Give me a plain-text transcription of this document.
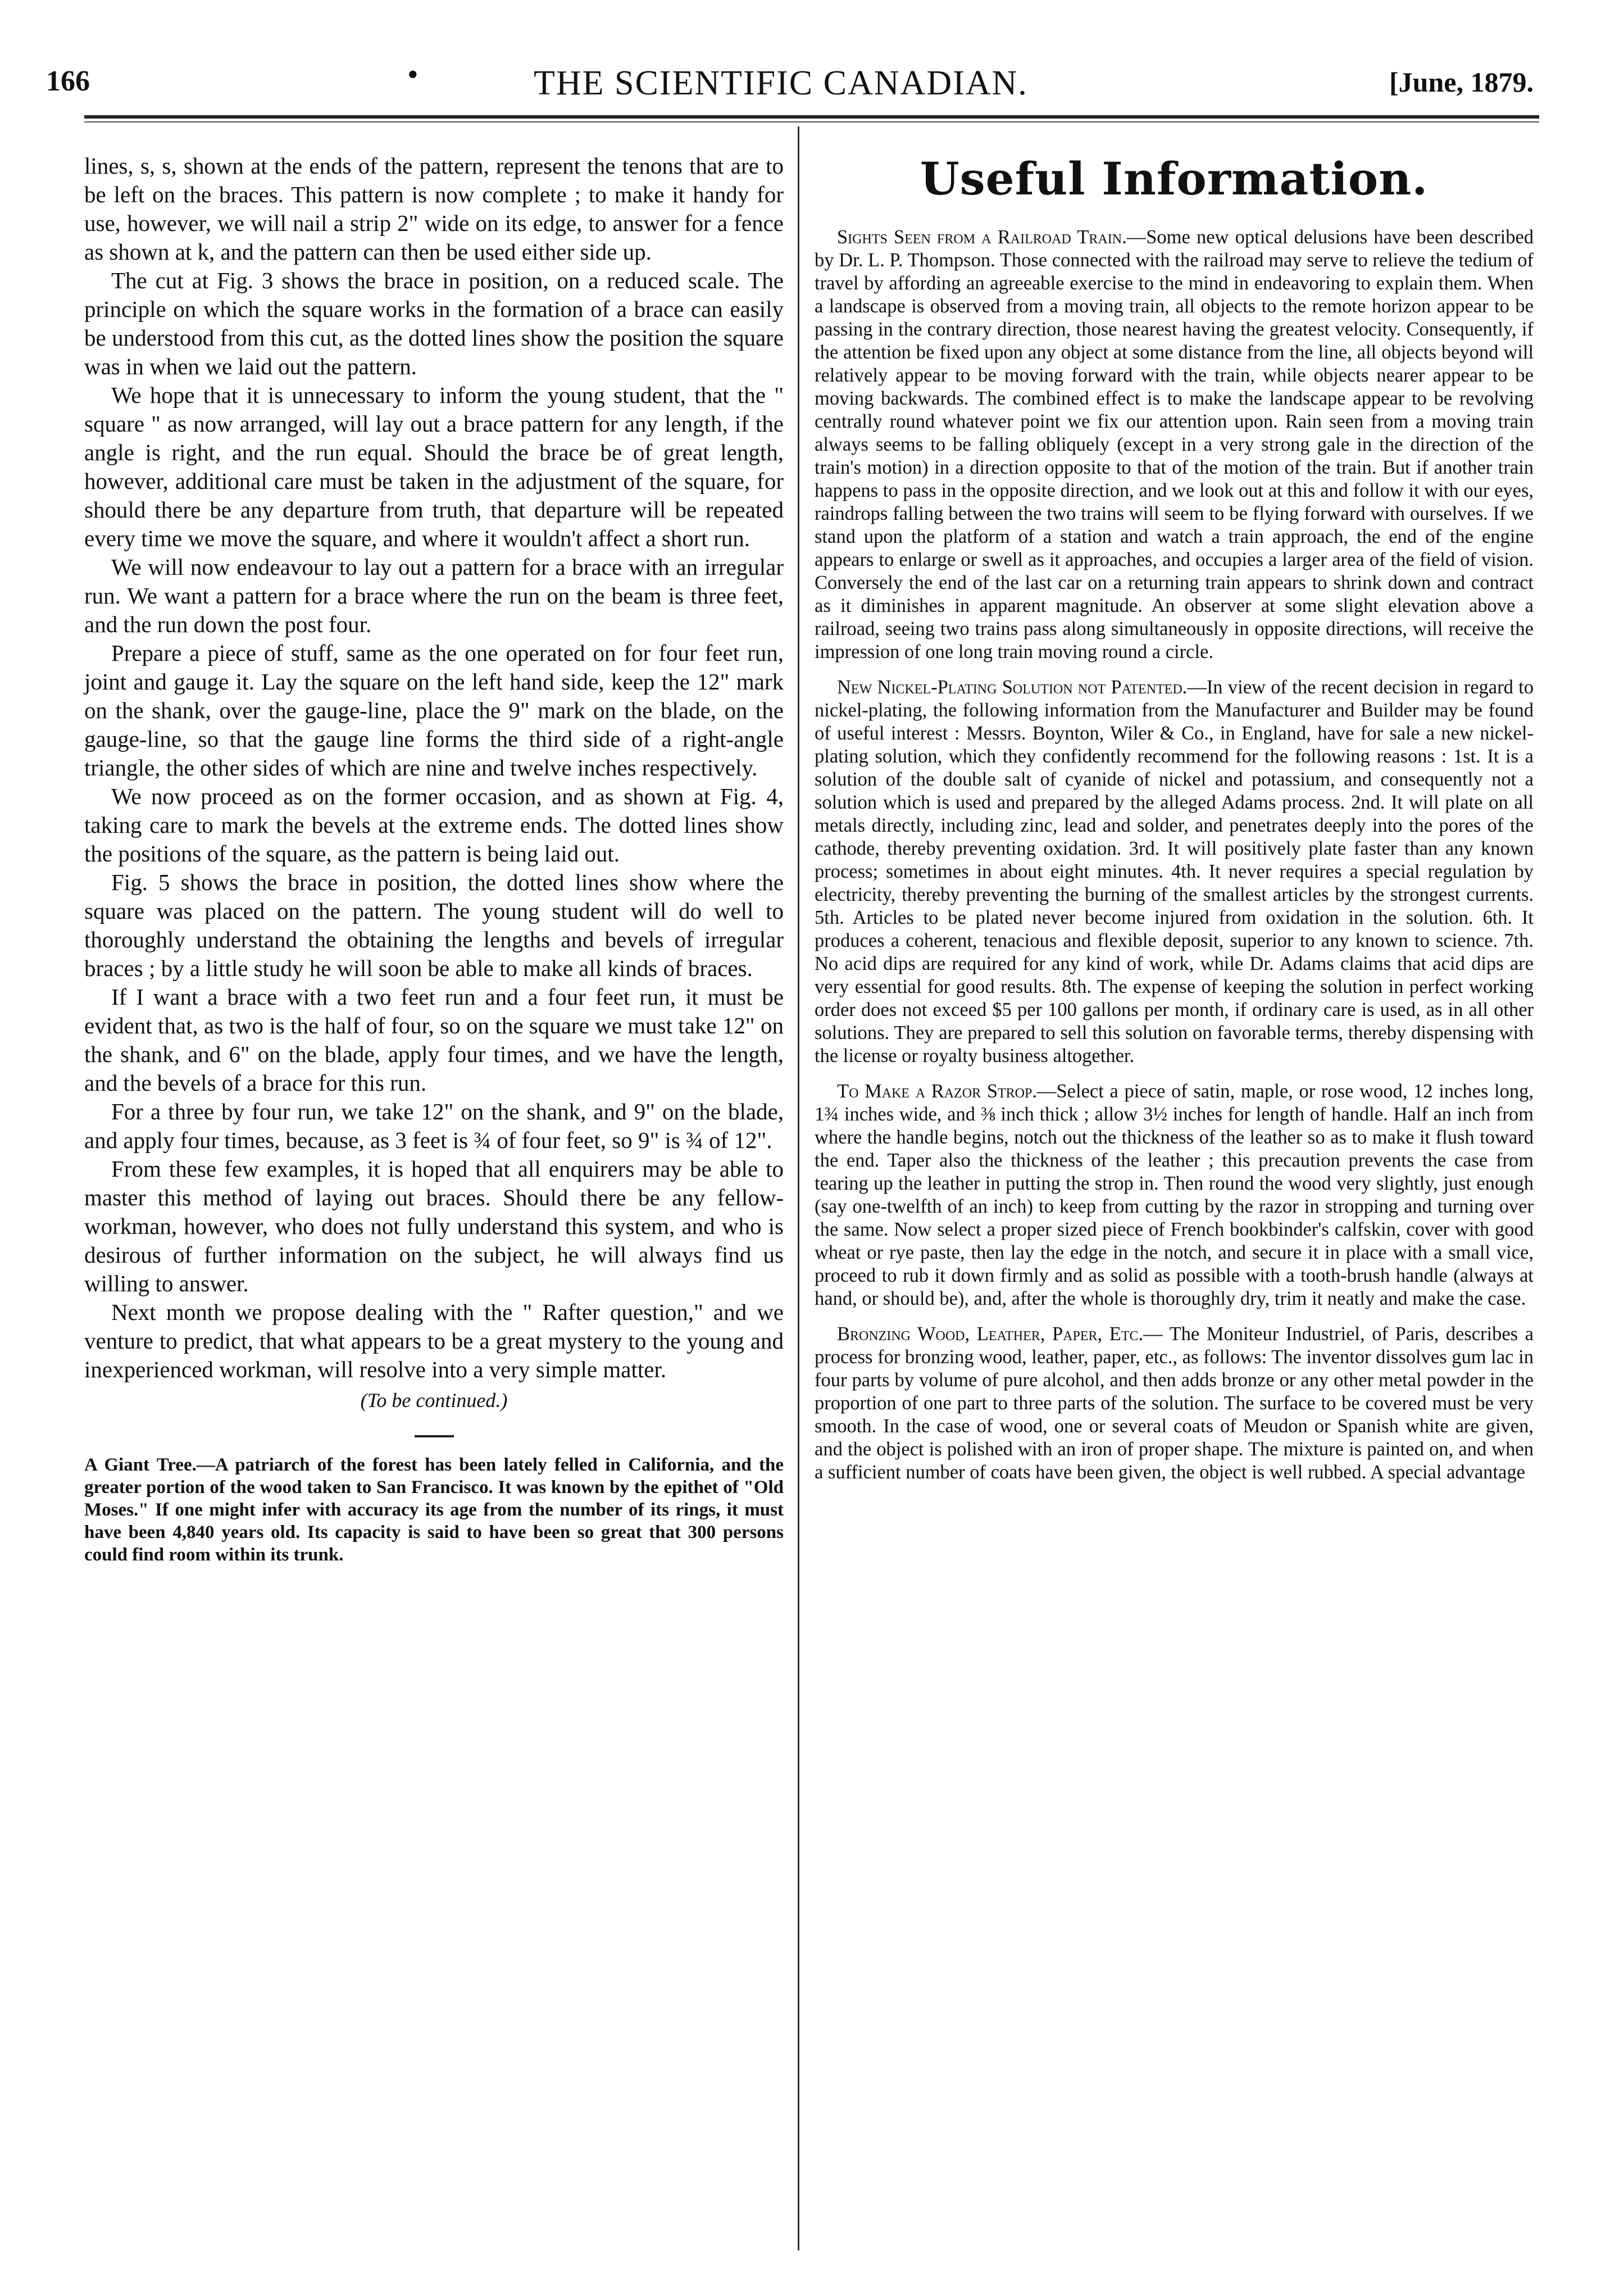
166	•	THE SCIENTIFIC CANADIAN.	[June, 1879.

lines, s, s, shown at the ends of the pattern, represent the tenons that are to be left on the braces. This pattern is now complete ; to make it handy for use, however, we will nail a strip 2" wide on its edge, to answer for a fence as shown at k, and the pattern can then be used either side up.

The cut at Fig. 3 shows the brace in position, on a reduced scale. The principle on which the square works in the formation of a brace can easily be understood from this cut, as the dotted lines show the position the square was in when we laid out the pattern.

We hope that it is unnecessary to inform the young student, that the " square " as now arranged, will lay out a brace pattern for any length, if the angle is right, and the run equal. Should the brace be of great length, however, additional care must be taken in the adjustment of the square, for should there be any departure from truth, that departure will be repeated every time we move the square, and where it wouldn't affect a short run.

We will now endeavour to lay out a pattern for a brace with an irregular run. We want a pattern for a brace where the run on the beam is three feet, and the run down the post four.

Prepare a piece of stuff, same as the one operated on for four feet run, joint and gauge it. Lay the square on the left hand side, keep the 12" mark on the shank, over the gauge-line, place the 9" mark on the blade, on the gauge-line, so that the gauge line forms the third side of a right-angle triangle, the other sides of which are nine and twelve inches respectively.

We now proceed as on the former occasion, and as shown at Fig. 4, taking care to mark the bevels at the extreme ends. The dotted lines show the positions of the square, as the pattern is being laid out.

Fig. 5 shows the brace in position, the dotted lines show where the square was placed on the pattern. The young student will do well to thoroughly understand the obtaining the lengths and bevels of irregular braces ; by a little study he will soon be able to make all kinds of braces.

If I want a brace with a two feet run and a four feet run, it must be evident that, as two is the half of four, so on the square we must take 12" on the shank, and 6" on the blade, apply four times, and we have the length, and the bevels of a brace for this run.

For a three by four run, we take 12" on the shank, and 9" on the blade, and apply four times, because, as 3 feet is ¾ of four feet, so 9" is ¾ of 12".

From these few examples, it is hoped that all enquirers may be able to master this method of laying out braces. Should there be any fellow-workman, however, who does not fully understand this system, and who is desirous of further information on the subject, he will always find us willing to answer.

Next month we propose dealing with the " Rafter question," and we venture to predict, that what appears to be a great mystery to the young and inexperienced workman, will resolve into a very simple matter.

(To be continued.)
A Giant Tree.—A patriarch of the forest has been lately felled in California, and the greater portion of the wood taken to San Francisco. It was known by the epithet of "Old Moses." If one might infer with accuracy its age from the number of its rings, it must have been 4,840 years old. Its capacity is said to have been so great that 300 persons could find room within its trunk.
Useful Information.

Sights Seen from a Railroad Train.—Some new optical delusions have been described by Dr. L. P. Thompson. Those connected with the railroad may serve to relieve the tedium of travel by affording an agreeable exercise to the mind in endeavoring to explain them. When a landscape is observed from a moving train, all objects to the remote horizon appear to be passing in the contrary direction, those nearest having the greatest velocity. Consequently, if the attention be fixed upon any object at some distance from the line, all objects beyond will relatively appear to be moving forward with the train, while objects nearer appear to be moving backwards. The combined effect is to make the landscape appear to be revolving centrally round whatever point we fix our attention upon. Rain seen from a moving train always seems to be falling obliquely (except in a very strong gale in the direction of the train's motion) in a direction opposite to that of the motion of the train. But if another train happens to pass in the opposite direction, and we look out at this and follow it with our eyes, raindrops falling between the two trains will seem to be flying forward with ourselves. If we stand upon the platform of a station and watch a train approach, the end of the engine appears to enlarge or swell as it approaches, and occupies a larger area of the field of vision. Conversely the end of the last car on a returning train appears to shrink down and contract as it diminishes in apparent magnitude. An observer at some slight elevation above a railroad, seeing two trains pass along simultaneously in opposite directions, will receive the impression of one long train moving round a circle.

New Nickel-Plating Solution not Patented.—In view of the recent decision in regard to nickel-plating, the following information from the Manufacturer and Builder may be found of useful interest : Messrs. Boynton, Wiler & Co., in England, have for sale a new nickel-plating solution, which they confidently recommend for the following reasons : 1st. It is a solution of the double salt of cyanide of nickel and potassium, and consequently not a solution which is used and prepared by the alleged Adams process. 2nd. It will plate on all metals directly, including zinc, lead and solder, and penetrates deeply into the pores of the cathode, thereby preventing oxidation. 3rd. It will positively plate faster than any known process; sometimes in about eight minutes. 4th. It never requires a special regulation by electricity, thereby preventing the burning of the smallest articles by the strongest currents. 5th. Articles to be plated never become injured from oxidation in the solution. 6th. It produces a coherent, tenacious and flexible deposit, superior to any known to science. 7th. No acid dips are required for any kind of work, while Dr. Adams claims that acid dips are very essential for good results. 8th. The expense of keeping the solution in perfect working order does not exceed $5 per 100 gallons per month, if ordinary care is used, as in all other solutions. They are prepared to sell this solution on favorable terms, thereby dispensing with the license or royalty business altogether.

To Make a Razor Strop.—Select a piece of satin, maple, or rose wood, 12 inches long, 1¾ inches wide, and ⅜ inch thick ; allow 3½ inches for length of handle. Half an inch from where the handle begins, notch out the thickness of the leather so as to make it flush toward the end. Taper also the thickness of the leather ; this precaution prevents the case from tearing up the leather in putting the strop in. Then round the wood very slightly, just enough (say one-twelfth of an inch) to keep from cutting by the razor in stropping and turning over the same. Now select a proper sized piece of French bookbinder's calfskin, cover with good wheat or rye paste, then lay the edge in the notch, and secure it in place with a small vice, proceed to rub it down firmly and as solid as possible with a tooth-brush handle (always at hand, or should be), and, after the whole is thoroughly dry, trim it neatly and make the case.

Bronzing Wood, Leather, Paper, Etc.— The Moniteur Industriel, of Paris, describes a process for bronzing wood, leather, paper, etc., as follows: The inventor dissolves gum lac in four parts by volume of pure alcohol, and then adds bronze or any other metal powder in the proportion of one part to three parts of the solution. The surface to be covered must be very smooth. In the case of wood, one or several coats of Meudon or Spanish white are given, and the object is polished with an iron of proper shape. The mixture is painted on, and when a sufficient number of coats have been given, the object is well rubbed. A special advantage
